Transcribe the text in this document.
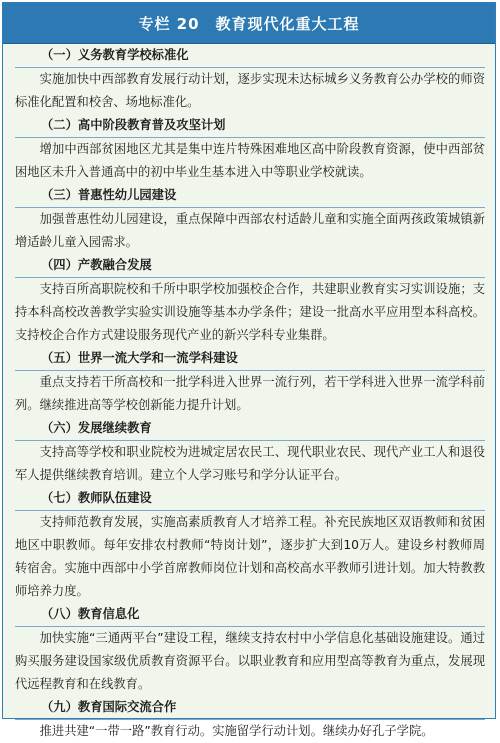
专栏 20 教育现代化重大工程
（一）义务教育学校标准化
实施加快中西部教育发展行动计划，逐步实现未达标城乡义务教育公办学校的师资标准化配置和校舍、场地标准化。
（二）高中阶段教育普及攻坚计划
增加中西部贫困地区尤其是集中连片特殊困难地区高中阶段教育资源，使中西部贫困地区未升入普通高中的初中毕业生基本进入中等职业学校就读。
（三）普惠性幼儿园建设
加强普惠性幼儿园建设，重点保障中西部农村适龄儿童和实施全面两孩政策城镇新增适龄儿童入园需求。
（四）产教融合发展
支持百所高职院校和千所中职学校加强校企合作，共建职业教育实习实训设施；支持本科高校改善教学实验实训设施等基本办学条件；建设一批高水平应用型本科高校。支持校企合作方式建设服务现代产业的新兴学科专业集群。
（五）世界一流大学和一流学科建设
重点支持若干所高校和一批学科进入世界一流行列，若干学科进入世界一流学科前列。继续推进高等学校创新能力提升计划。
（六）发展继续教育
支持高等学校和职业院校为进城定居农民工、现代职业农民、现代产业工人和退役军人提供继续教育培训。建立个人学习账号和学分认证平台。
（七）教师队伍建设
支持师范教育发展，实施高素质教育人才培养工程。补充民族地区双语教师和贫困地区中职教师。每年安排农村教师“特岗计划”，逐步扩大到10万人。建设乡村教师周转宿舍。实施中西部中小学首席教师岗位计划和高校高水平教师引进计划。加大特教教师培养力度。
（八）教育信息化
加快实施“三通两平台”建设工程，继续支持农村中小学信息化基础设施建设。通过购买服务建设国家级优质教育资源平台。以职业教育和应用型高等教育为重点，发展现代远程教育和在线教育。
（九）教育国际交流合作
推进共建“一带一路”教育行动。实施留学行动计划。继续办好孔子学院。
